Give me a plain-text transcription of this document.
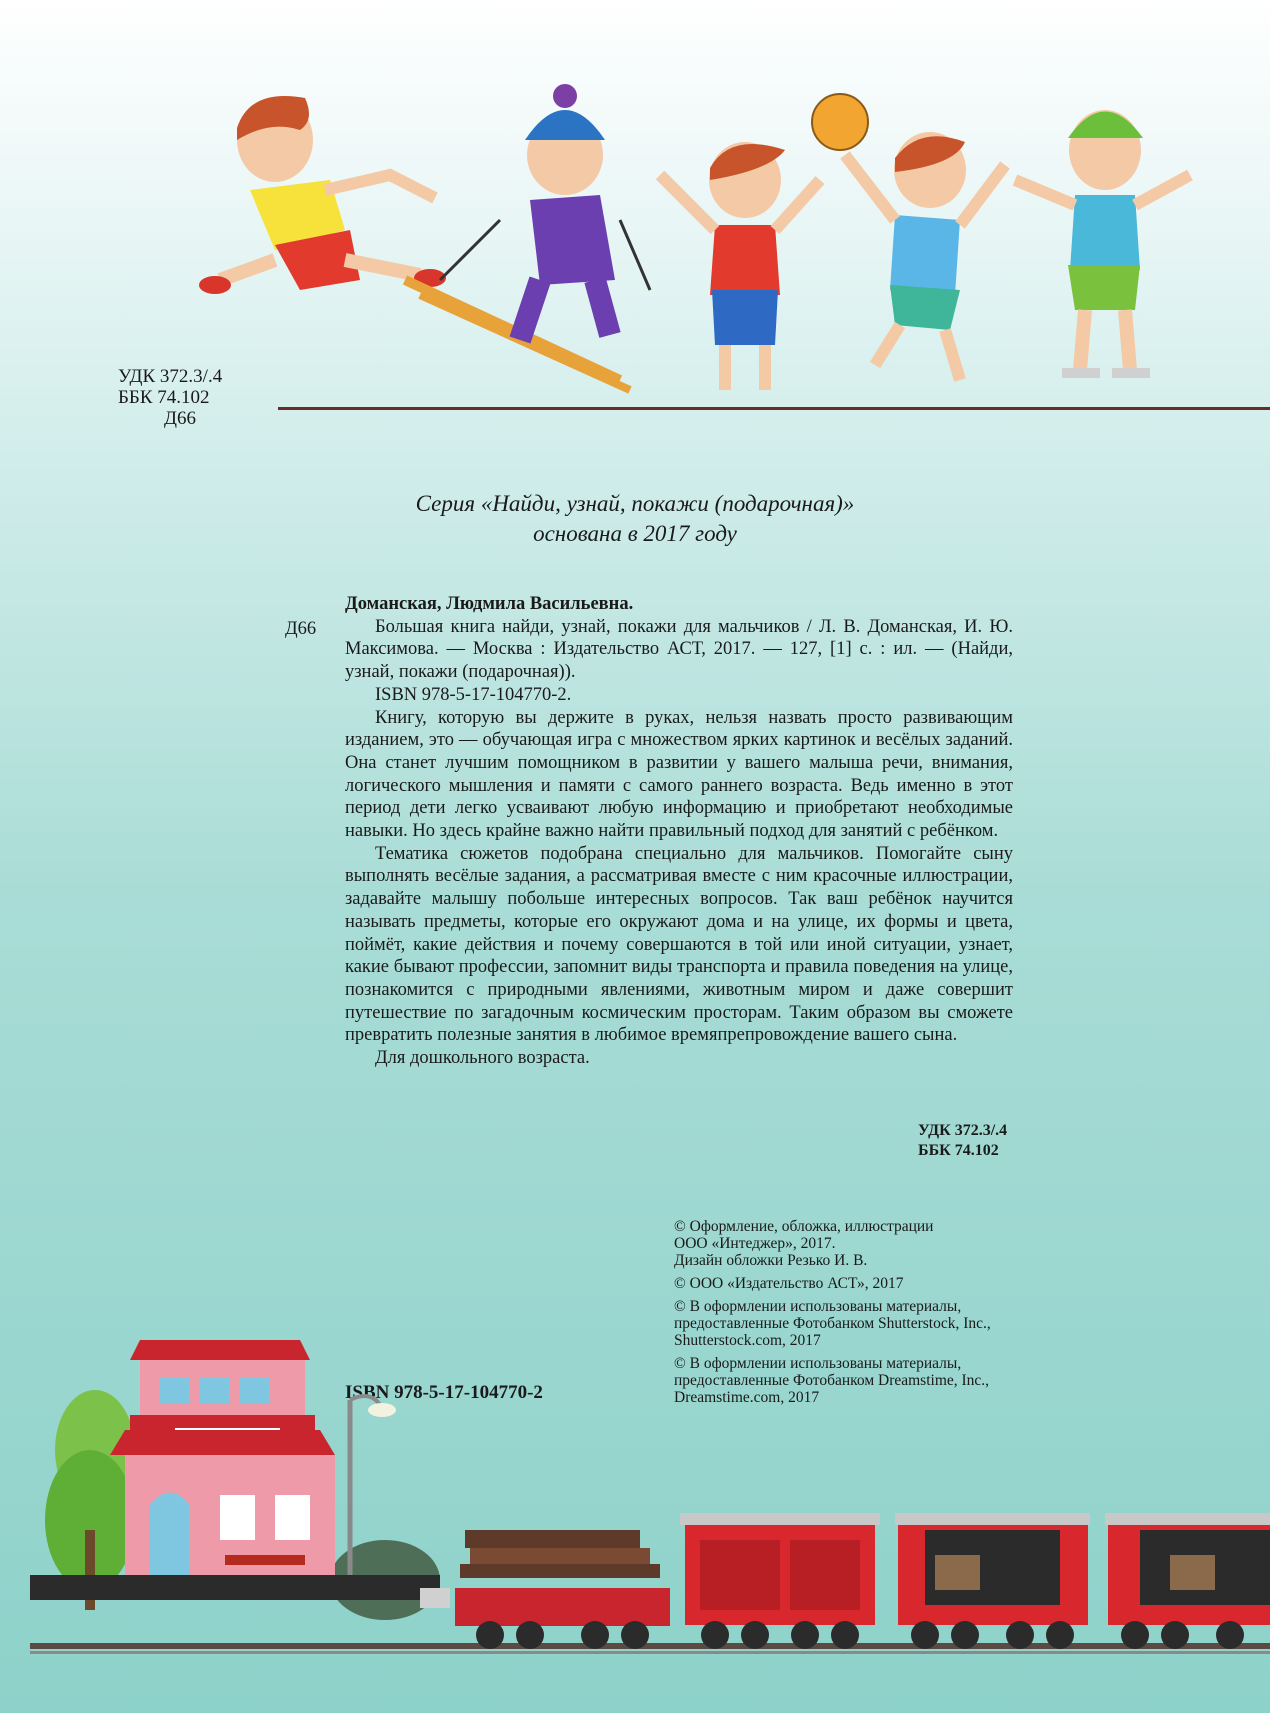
УДК 372.3/.4
ББК 74.102
Д66
Серия «Найди, узнай, покажи (подарочная)»
основана в 2017 году
Д66

Доманская, Людмила Васильевна.

Большая книга найди, узнай, покажи для мальчиков / Л. В. Доманская, И. Ю. Максимова. — Москва : Издательство АСТ, 2017. — 127, [1] с. : ил. — (Найди, узнай, покажи (подарочная)).

ISBN 978-5-17-104770-2.

Книгу, которую вы держите в руках, нельзя назвать просто развивающим изданием, это — обучающая игра с множеством ярких картинок и весёлых заданий. Она станет лучшим помощником в развитии у вашего малыша речи, внимания, логического мышления и памяти с самого раннего возраста. Ведь именно в этот период дети легко усваивают любую информацию и приобретают необходимые навыки. Но здесь крайне важно найти правильный подход для занятий с ребёнком.

Тематика сюжетов подобрана специально для мальчиков. Помогайте сыну выполнять весёлые задания, а рассматривая вместе с ним красочные иллюстрации, задавайте малышу побольше интересных вопросов. Так ваш ребёнок научится называть предметы, которые его окружают дома и на улице, их формы и цвета, поймёт, какие действия и почему совершаются в той или иной ситуации, узнает, какие бывают профессии, запомнит виды транспорта и правила поведения на улице, познакомится с природными явлениями, животным миром и даже совершит путешествие по загадочным космическим просторам. Таким образом вы сможете превратить полезные занятия в любимое времяпрепровождение вашего сына.

Для дошкольного возраста.

УДК 372.3/.4
ББК 74.102

© Оформление, обложка, иллюстрации
ООО «Интеджер», 2017.
Дизайн обложки Резько И. В.

© ООО «Издательство АСТ», 2017

© В оформлении использованы материалы,
предоставленные Фотобанком Shutterstock, Inc.,
Shutterstock.com, 2017

© В оформлении использованы материалы,
предоставленные Фотобанком Dreamstime, Inc.,
Dreamstime.com, 2017

ISBN 978-5-17-104770-2
